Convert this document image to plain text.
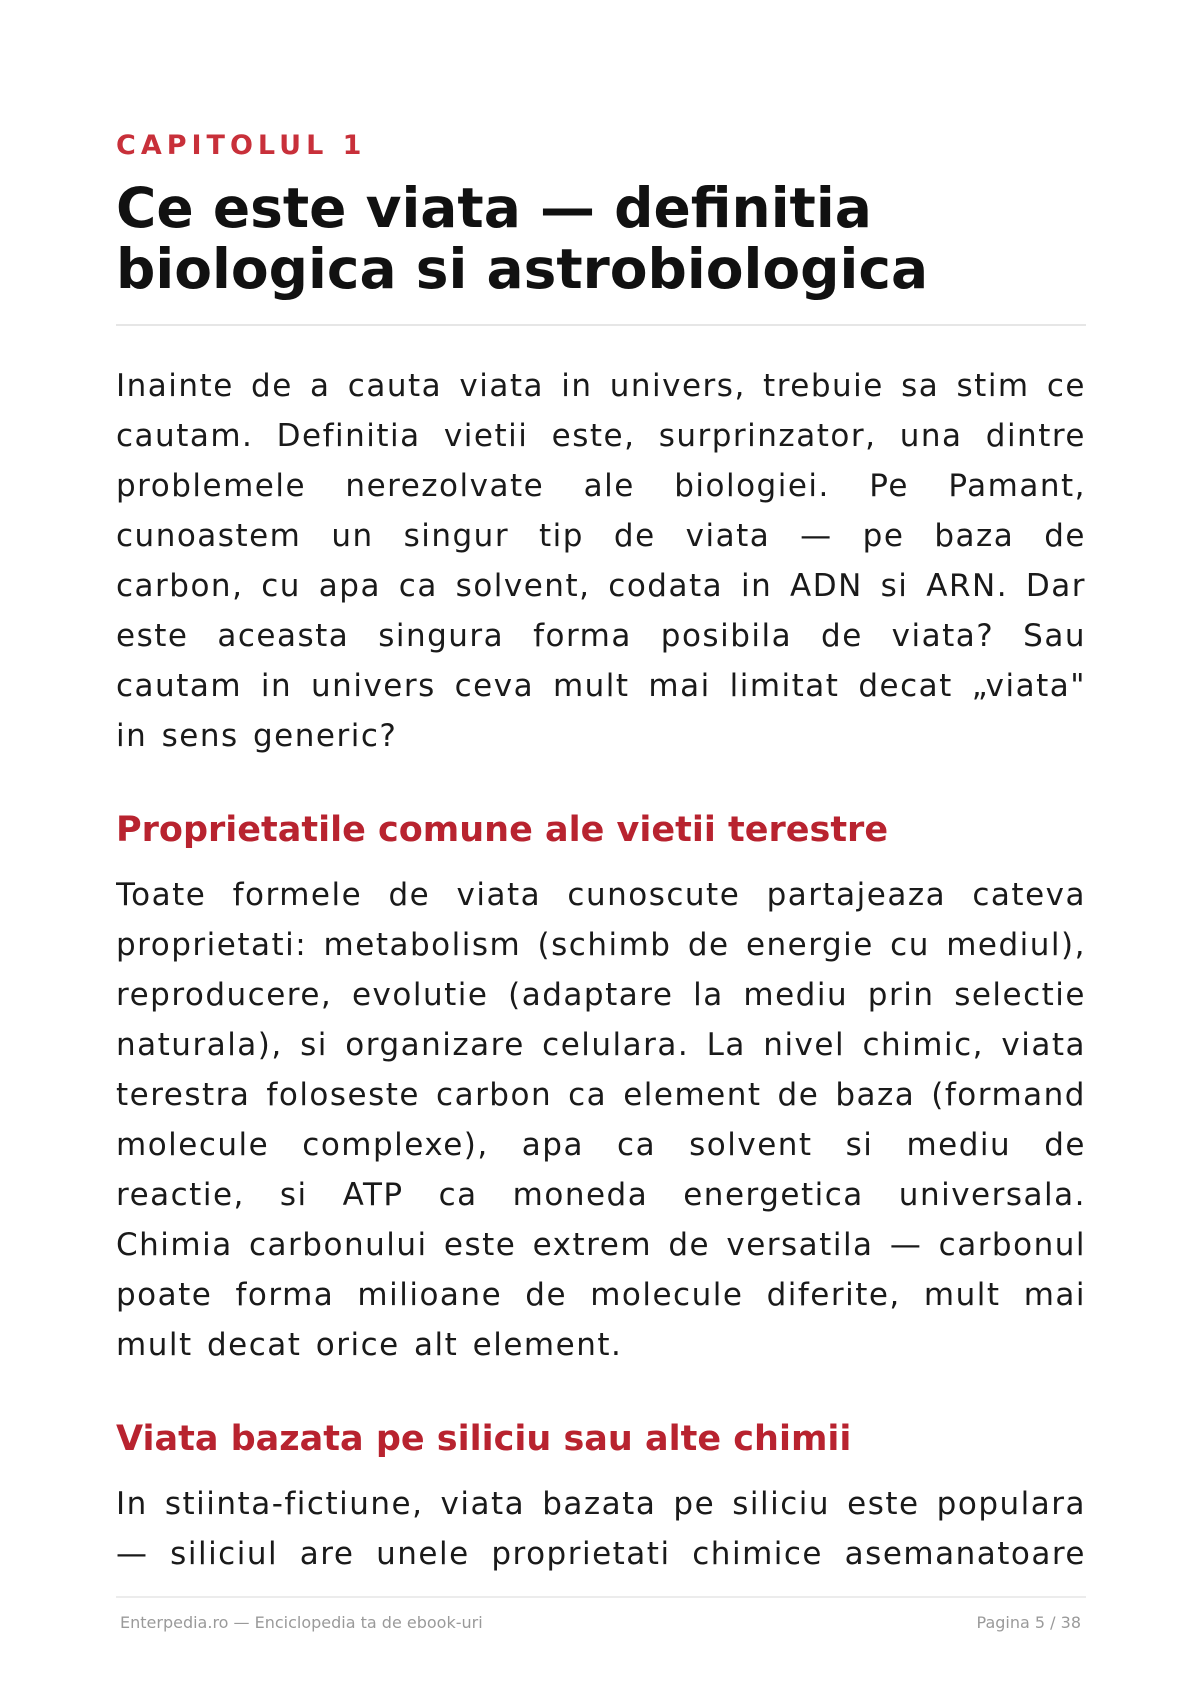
CAPITOLUL 1
Ce este viata — definitia biologica si astrobiologica

Inainte de a cauta viata in univers, trebuie sa stim ce cautam. Definitia vietii este, surprinzator, una dintre problemele nerezolvate ale biologiei. Pe Pamant, cunoastem un singur tip de viata — pe baza de carbon, cu apa ca solvent, codata in ADN si ARN. Dar este aceasta singura forma posibila de viata? Sau cautam in univers ceva mult mai limitat decat „viata" in sens generic?

Proprietatile comune ale vietii terestre

Toate formele de viata cunoscute partajeaza cateva proprietati: metabolism (schimb de energie cu mediul), reproducere, evolutie (adaptare la mediu prin selectie naturala), si organizare celulara. La nivel chimic, viata terestra foloseste carbon ca element de baza (formand molecule complexe), apa ca solvent si mediu de reactie, si ATP ca moneda energetica universala. Chimia carbonului este extrem de versatila — carbonul poate forma milioane de molecule diferite, mult mai mult decat orice alt element.

Viata bazata pe siliciu sau alte chimii

In stiinta-fictiune, viata bazata pe siliciu este populara — siliciul are unele proprietati chimice asemanatoare

Enterpedia.ro — Enciclopedia ta de ebook-uri	Pagina 5 / 38
